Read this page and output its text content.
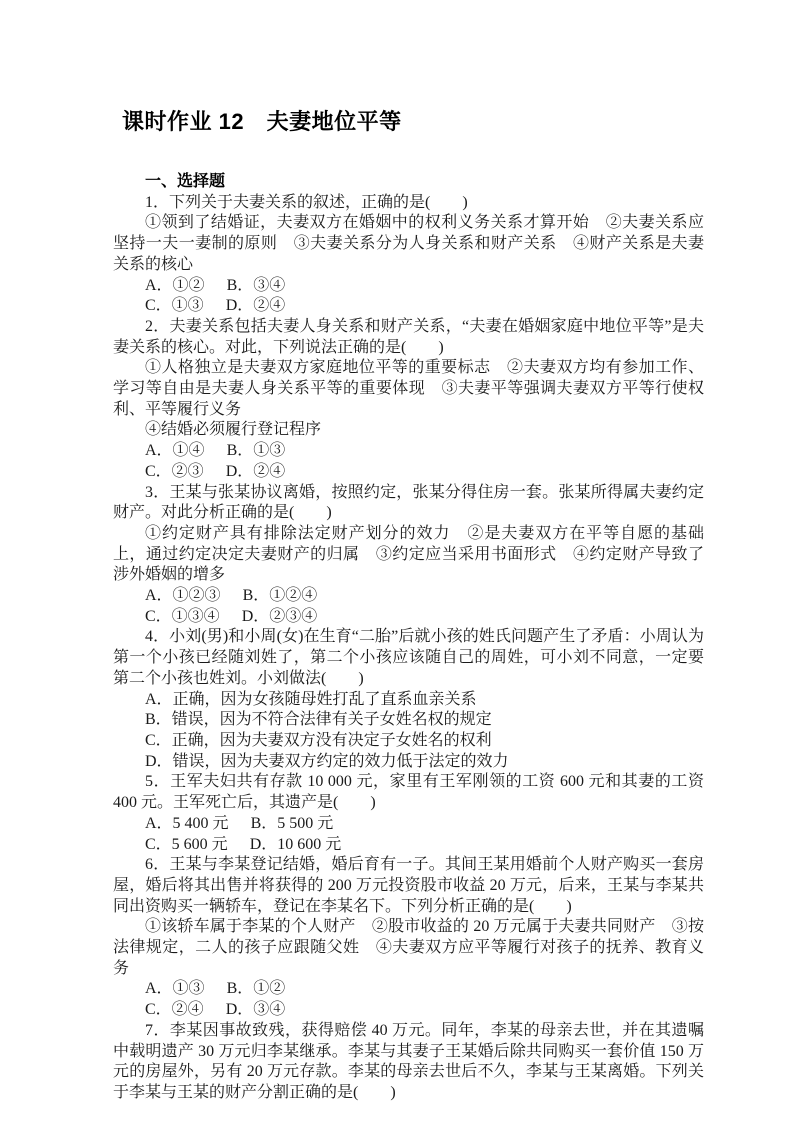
课时作业 12　夫妻地位平等

一、选择题

1．下列关于夫妻关系的叙述，正确的是(　　)

①领到了结婚证，夫妻双方在婚姻中的权利义务关系才算开始　②夫妻关系应坚持一夫一妻制的原则　③夫妻关系分为人身关系和财产关系　④财产关系是夫妻关系的核心

A．①② B．③④

C．①③ D．②④

2．夫妻关系包括夫妻人身关系和财产关系，“夫妻在婚姻家庭中地位平等”是夫妻关系的核心。对此，下列说法正确的是(　　)

①人格独立是夫妻双方家庭地位平等的重要标志　②夫妻双方均有参加工作、学习等自由是夫妻人身关系平等的重要体现　③夫妻平等强调夫妻双方平等行使权利、平等履行义务

④结婚必须履行登记程序

A．①④ B．①③

C．②③ D．②④

3．王某与张某协议离婚，按照约定，张某分得住房一套。张某所得属夫妻约定财产。对此分析正确的是(　　)

①约定财产具有排除法定财产划分的效力　②是夫妻双方在平等自愿的基础上，通过约定决定夫妻财产的归属　③约定应当采用书面形式　④约定财产导致了涉外婚姻的增多

A．①②③ B．①②④

C．①③④ D．②③④

4．小刘(男)和小周(女)在生育“二胎”后就小孩的姓氏问题产生了矛盾：小周认为第一个小孩已经随刘姓了，第二个小孩应该随自己的周姓，可小刘不同意，一定要第二个小孩也姓刘。小刘做法(　　)

A．正确，因为女孩随母姓打乱了直系血亲关系

B．错误，因为不符合法律有关子女姓名权的规定

C．正确，因为夫妻双方没有决定子女姓名的权利

D．错误，因为夫妻双方约定的效力低于法定的效力

5．王军夫妇共有存款 10 000 元，家里有王军刚领的工资 600 元和其妻的工资 400 元。王军死亡后，其遗产是(　　)

A．5 400 元 B．5 500 元

C．5 600 元 D．10 600 元

6．王某与李某登记结婚，婚后育有一子。其间王某用婚前个人财产购买一套房屋，婚后将其出售并将获得的 200 万元投资股市收益 20 万元，后来，王某与李某共同出资购买一辆轿车，登记在李某名下。下列分析正确的是(　　)

①该轿车属于李某的个人财产　②股市收益的 20 万元属于夫妻共同财产　③按法律规定，二人的孩子应跟随父姓　④夫妻双方应平等履行对孩子的抚养、教育义务

A．①③ B．①②

C．②④ D．③④

7．李某因事故致残，获得赔偿 40 万元。同年，李某的母亲去世，并在其遗嘱中载明遗产 30 万元归李某继承。李某与其妻子王某婚后除共同购买一套价值 150 万元的房屋外，另有 20 万元存款。李某的母亲去世后不久，李某与王某离婚。下列关于李某与王某的财产分割正确的是(　　)
